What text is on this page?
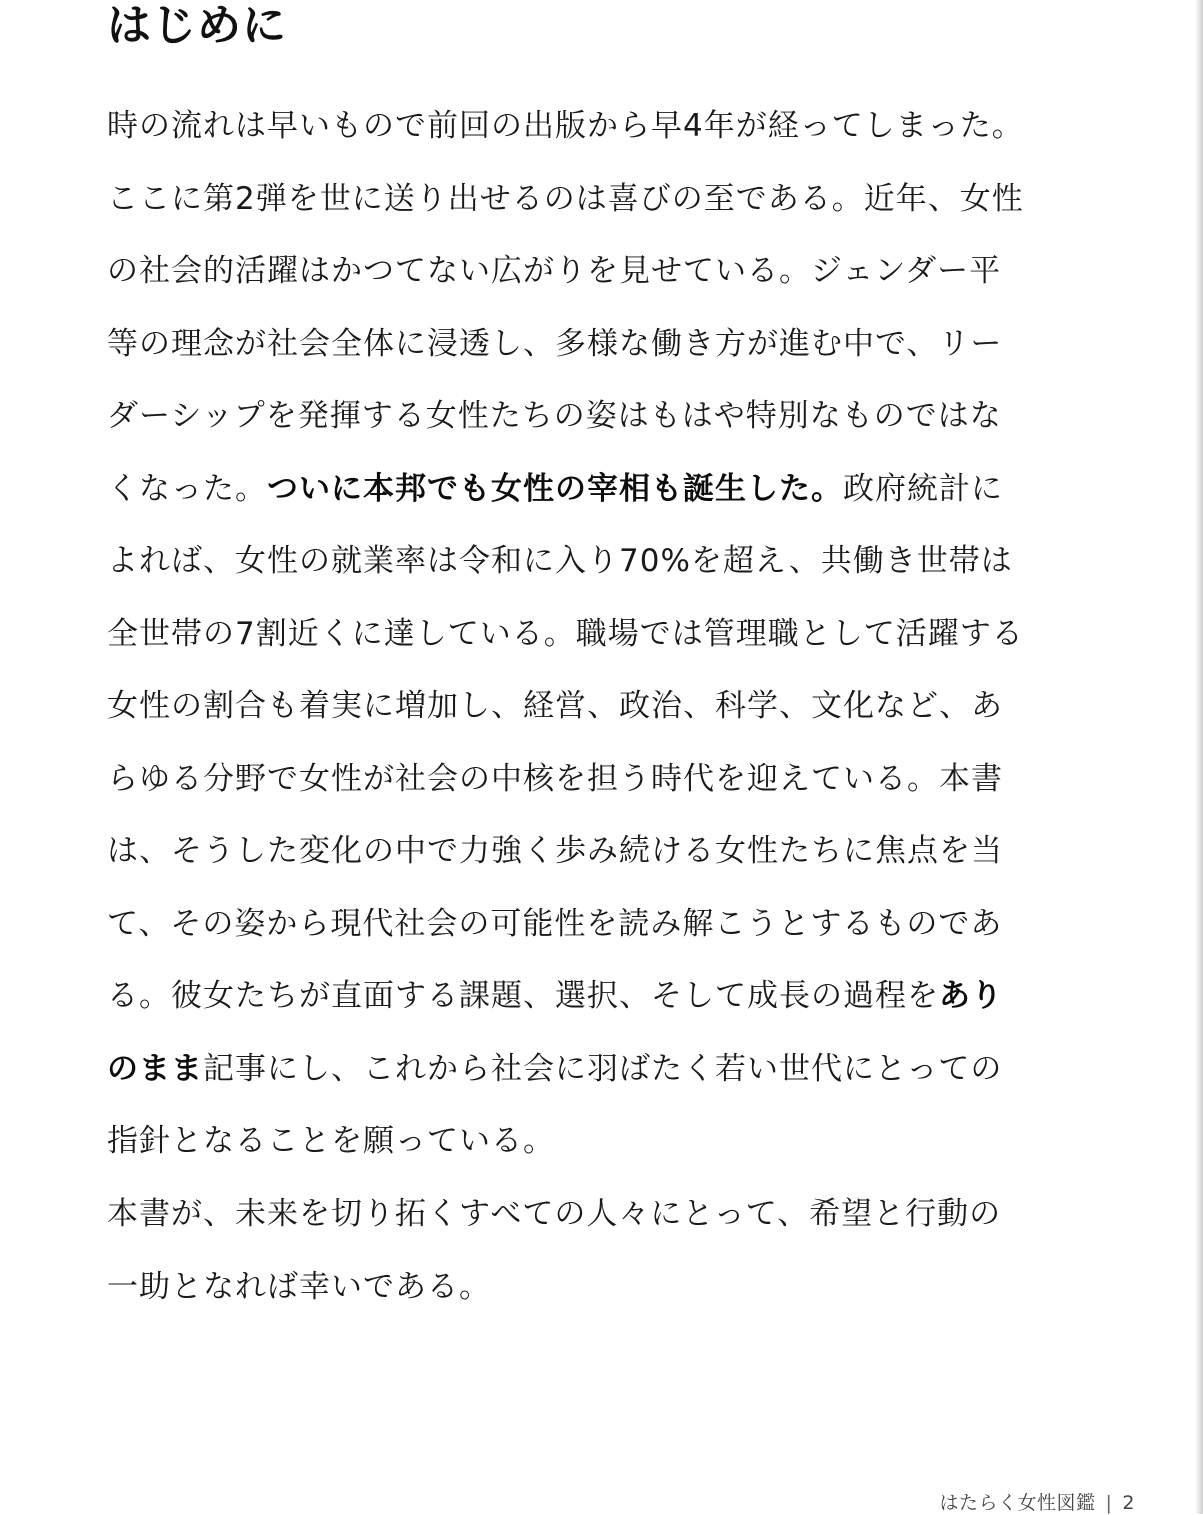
はじめに

時の流れは早いもので前回の出版から早4年が経ってしまった。
ここに第2弾を世に送り出せるのは喜びの至である。近年、女性
の社会的活躍はかつてない広がりを見せている。ジェンダー平
等の理念が社会全体に浸透し、多様な働き方が進む中で、リー
ダーシップを発揮する女性たちの姿はもはや特別なものではな
くなった。ついに本邦でも女性の宰相も誕生した。政府統計に
よれば、女性の就業率は令和に入り70%を超え、共働き世帯は
全世帯の7割近くに達している。職場では管理職として活躍する
女性の割合も着実に増加し、経営、政治、科学、文化など、あ
らゆる分野で女性が社会の中核を担う時代を迎えている。本書
は、そうした変化の中で力強く歩み続ける女性たちに焦点を当
て、その姿から現代社会の可能性を読み解こうとするものであ
る。彼女たちが直面する課題、選択、そして成長の過程をあり
のまま記事にし、これから社会に羽ばたく若い世代にとっての
指針となることを願っている。

本書が、未来を切り拓くすべての人々にとって、希望と行動の
一助となれば幸いである。

はたらく女性図鑑 | 2
